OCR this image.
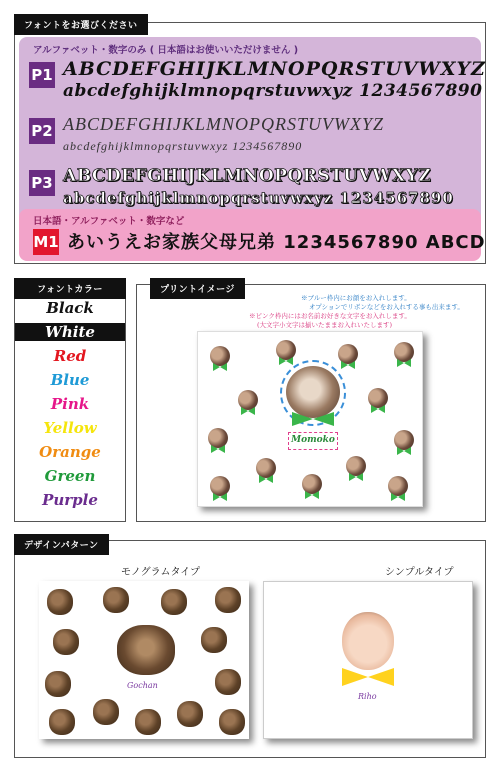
アルファベット・数字のみ ( 日本語はお使いいただけません )
P1 ABCDEFGHIJKLMNOPQRSTUVWXYZ
abcdefghijklmnopqrstuvwxyz 1234567890
P2 ABCDEFGHIJKLMNOPQRSTUVWXYZ
abcdefghijklmnopqrstuvwxyz 1234567890
P3 ABCDEFGHIJKLMNOPQRSTUVWXYZ
abcdefghijklmnopqrstuvwxyz 1234567890
日本語・アルファベット・数字など
M1 あいうえお家族父母兄弟 1234567890 ABCD
フォントをお選びください
Black
White
Red
Blue
Pink
Yellow
Orange
Green
Purple
フォントカラー
※ブルー枠内にお顔をお入れします。
オプションでリボンなどをお入れする事も出来ます。
※ピンク枠内にはお名前お好きな文字をお入れします。
(大文字小文字は揃いたままお入れいたします)
Momoko
プリントイメージ
モノグラムタイプ	シンプルタイプ
Gochan
Riho
デザインパターン
